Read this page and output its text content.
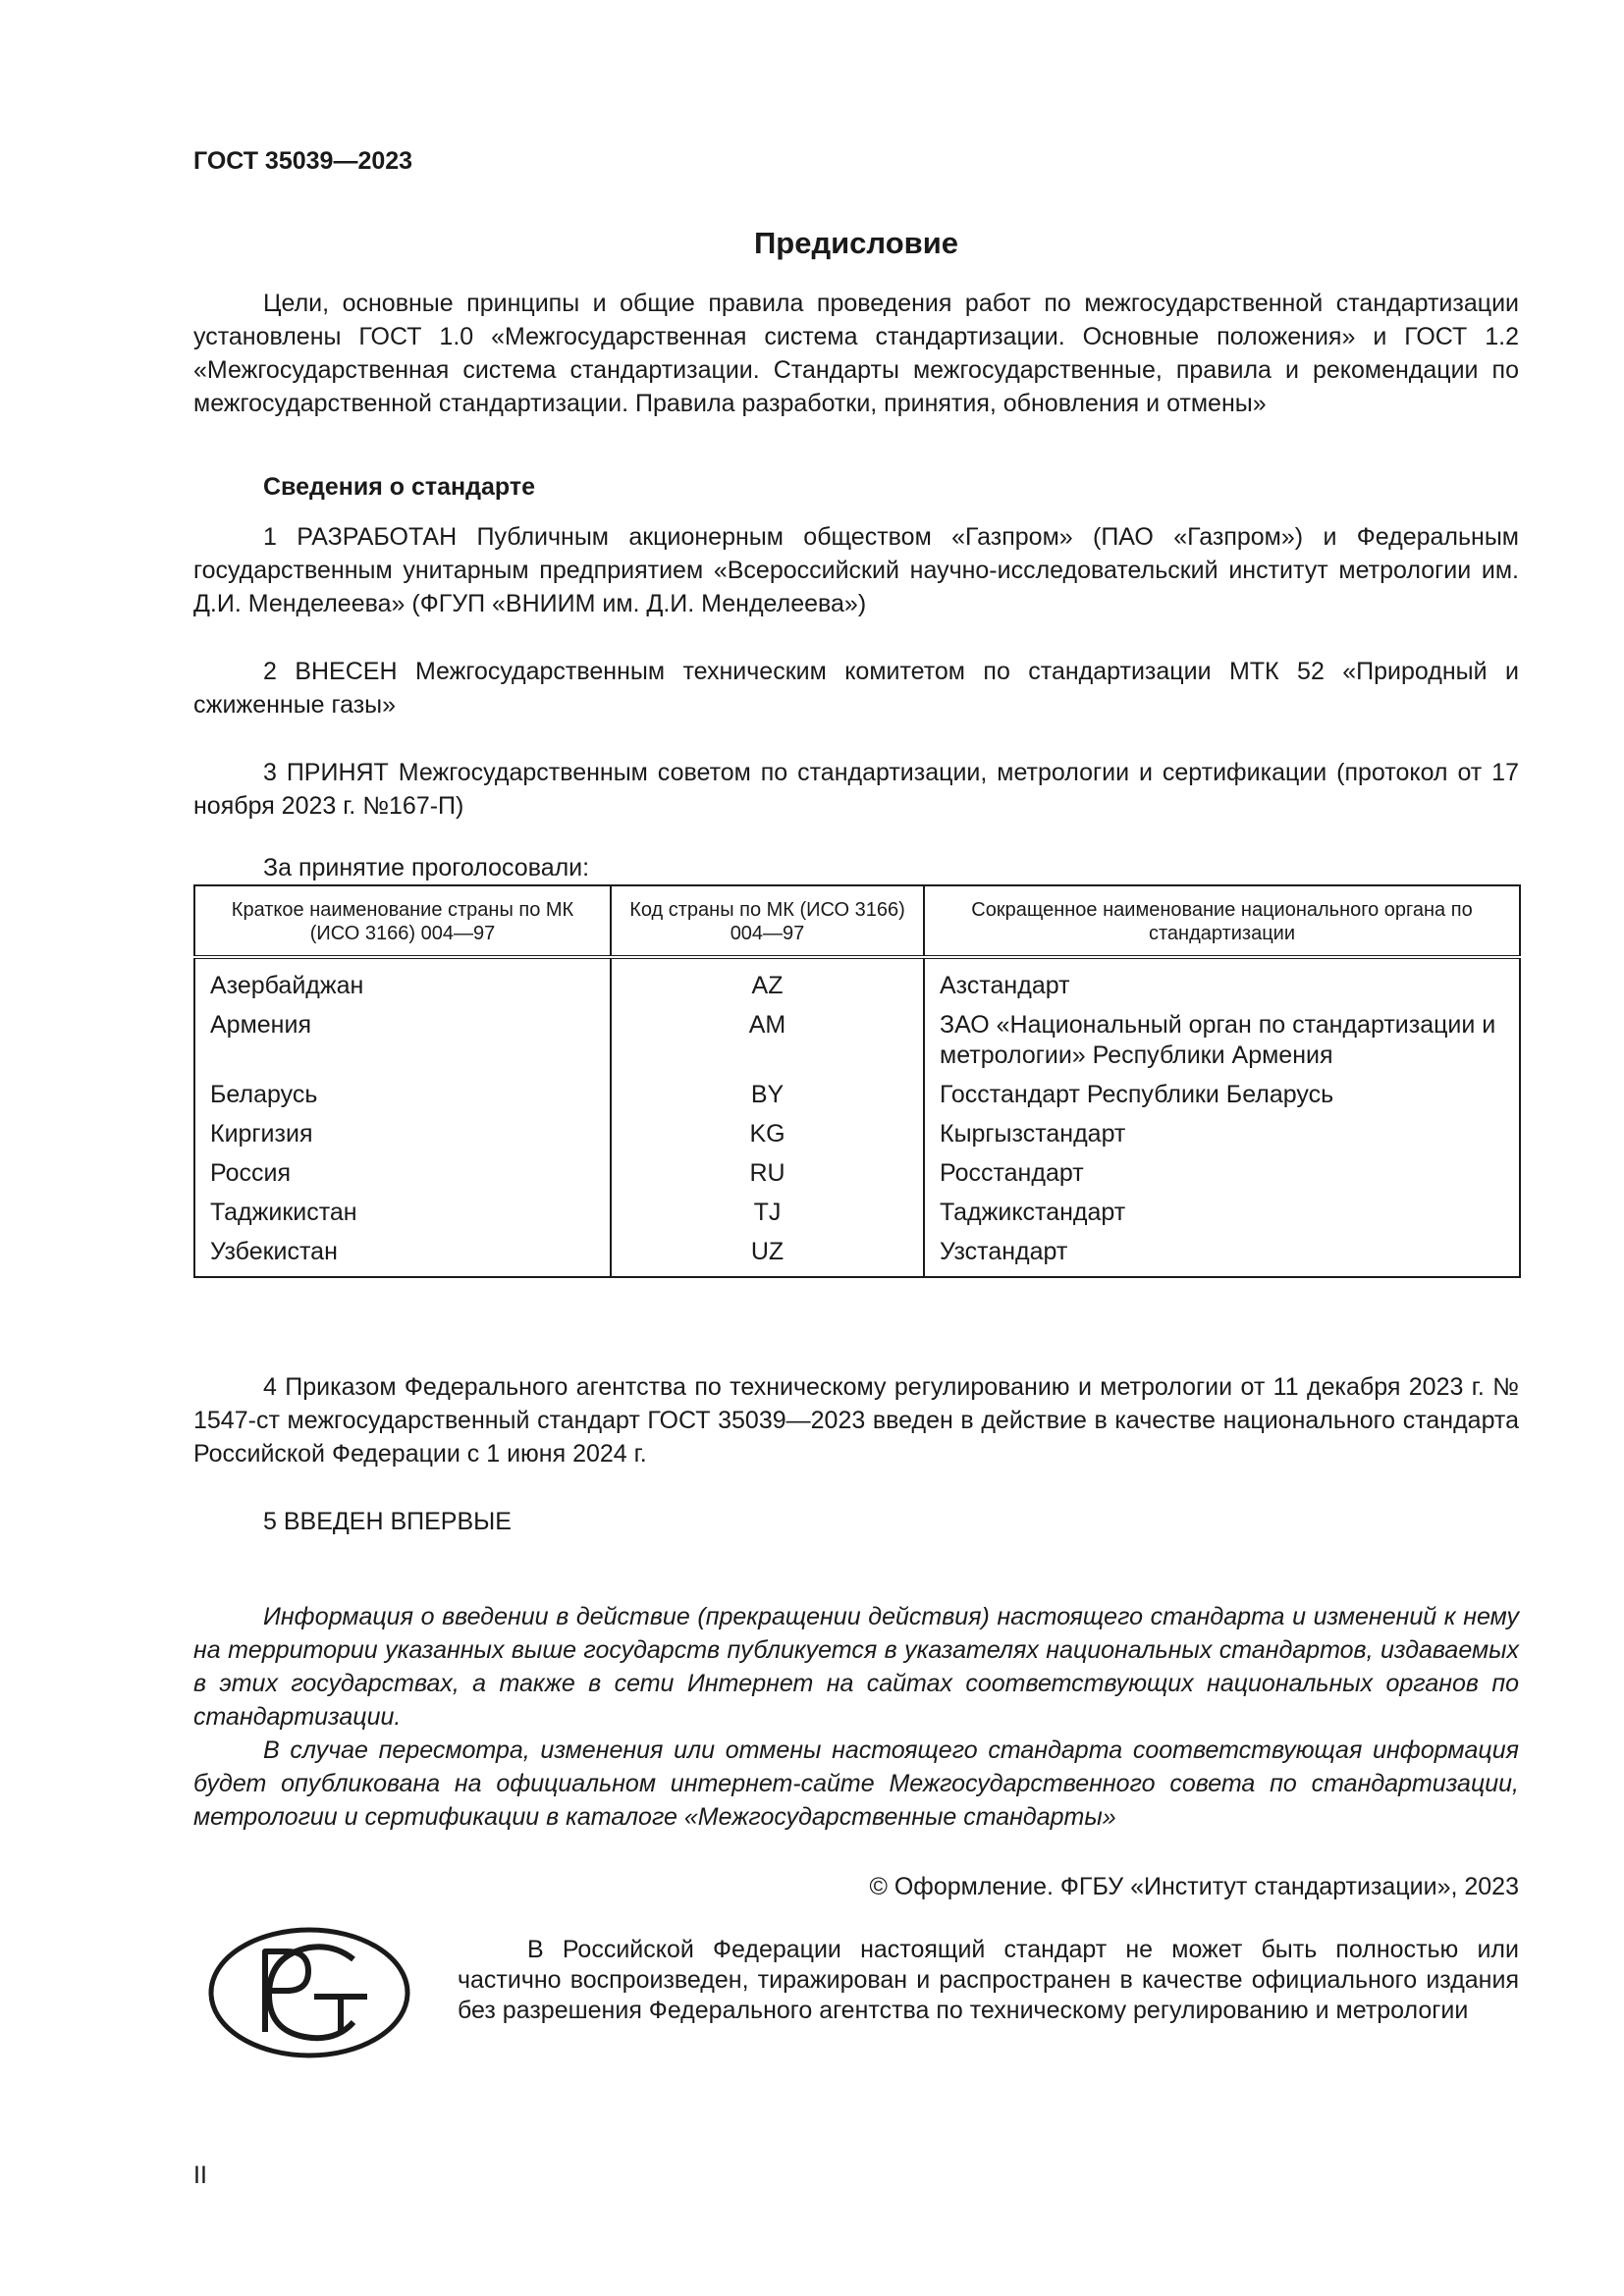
ГОСТ 35039—2023
Предисловие

Цели, основные принципы и общие правила проведения работ по межгосударственной стандартизации установлены ГОСТ 1.0 «Межгосударственная система стандартизации. Основные положения» и ГОСТ 1.2 «Межгосударственная система стандартизации. Стандарты межгосударственные, правила и рекомендации по межгосударственной стандартизации. Правила разработки, принятия, обновления и отмены»

Сведения о стандарте

1 РАЗРАБОТАН Публичным акционерным обществом «Газпром» (ПАО «Газпром») и Федеральным государственным унитарным предприятием «Всероссийский научно-исследовательский институт метрологии им. Д.И. Менделеева» (ФГУП «ВНИИМ им. Д.И. Менделеева»)

2 ВНЕСЕН Межгосударственным техническим комитетом по стандартизации МТК 52 «Природный и сжиженные газы»

3 ПРИНЯТ Межгосударственным советом по стандартизации, метрологии и сертификации (протокол от 17 ноября 2023 г. №167-П)

За принятие проголосовали:
Краткое наименование страны по МК (ИСО 3166) 004—97	Код страны по МК (ИСО 3166) 004—97	Сокращенное наименование национального органа по стандартизации
Азербайджан	AZ	Азстандарт
Армения	AM	ЗАО «Национальный орган по стандартизации и метрологии» Республики Армения
Беларусь	BY	Госстандарт Республики Беларусь
Киргизия	KG	Кыргызстандарт
Россия	RU	Росстандарт
Таджикистан	TJ	Таджикстандарт
Узбекистан	UZ	Узстандарт

4 Приказом Федерального агентства по техническому регулированию и метрологии от 11 декабря 2023 г. № 1547-ст межгосударственный стандарт ГОСТ 35039—2023 введен в действие в качестве национального стандарта Российской Федерации с 1 июня 2024 г.

5 ВВЕДЕН ВПЕРВЫЕ

Информация о введении в действие (прекращении действия) настоящего стандарта и изменений к нему на территории указанных выше государств публикуется в указателях национальных стандартов, издаваемых в этих государствах, а также в сети Интернет на сайтах соответствующих национальных органов по стандартизации.

В случае пересмотра, изменения или отмены настоящего стандарта соответствующая информация будет опубликована на официальном интернет-сайте Межгосударственного совета по стандартизации, метрологии и сертификации в каталоге «Межгосударственные стандарты»

© Оформление. ФГБУ «Институт стандартизации», 2023

В Российской Федерации настоящий стандарт не может быть полностью или частично воспроизведен, тиражирован и распространен в качестве официального издания без разрешения Федерального агентства по техническому регулированию и метрологии

II
